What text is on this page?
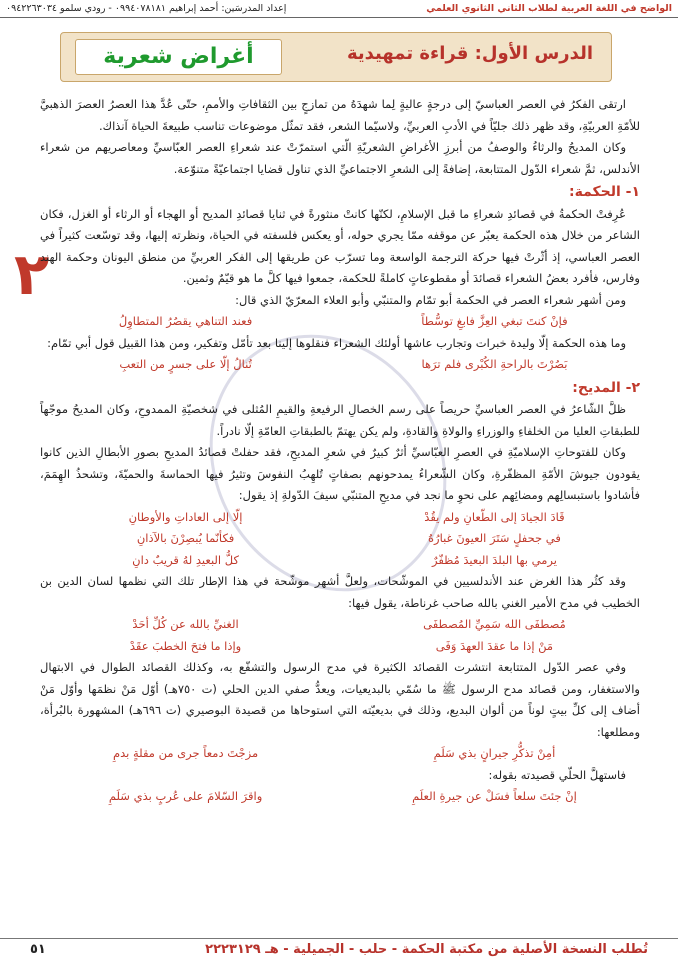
الواضح في اللغة العربية لطلاب الثاني الثانوي العلمي
إعداد المدرسَين: أحمد إبراهيم ٠٩٩٤٠٧٨١٨١ - رودي سلمو ٠٩٤٢٢٦٣٠٣٤
الدرس الأول: قراءة تمهيدية
أغراض شعرية
٢

ارتقى الفكرُ في العصر العباسيّ إلى درجةٍ عاليةٍ لِما شهدَهُ من تمازجٍ بين الثقافاتِ والأممِ، حتّى عُدَّ هذا العصرُ العصرَ الذهبيَّ للأمّةِ العربيّةِ، وقد ظهر ذلك جليّاً في الأدبِ العربيِّ، ولاسيّما الشعر، فقد تمثّل موضوعات تناسب طبيعةَ الحياة آنذاك.

وكان المديحُ والرثاءُ والوصفُ من أبرزِ الأغراضِ الشعريّةِ الّتي استمرّتْ عند شعراءِ العصر العبّاسيِّ ومعاصريهم من شعراء الأندلس، ثمَّ شعراء الدّول المتتابعة، إضافةً إلى الشعرِ الاجتماعيِّ الذي تناول قضايا اجتماعيّةً متنوّعة.

١- الحكمة:

عُرِفتْ الحكمةُ في قصائدِ شعراءِ ما قبل الإسلامِ، لكنّها كانتْ منثورةً في ثنايا قصائدِ المديح أو الهجاء أو الرثاء أو الغزل، فكان الشاعر من خلال هذه الحكمة يعبّر عن موقفه ممّا يجري حوله، أو يعكس فلسفته في الحياة، ونظرته إليها، وقد توسّعت كثيراً في العصر العباسي، إذ أثّرتْ فيها حركة الترجمة الواسعة وما تسرّب عن طريقها إلى الفكر العربيِّ من منطق اليونان وحكمة الهند وفارس، فأفرد بعضُ الشعراء قصائدَ أو مقطوعاتٍ كاملةً للحكمة، جمعوا فيها كلَّ ما هو قيّمٌ وثمين.

ومن أشهر شعراء العصر في الحكمة أبو تمّام والمتنبّي وأبو العلاء المعرّيّ الذي قال:

فإنْ كنتَ تبغي العِزَّ فابغِ توسُّطاً
فعند التناهي يقصُرُ المتطاوِلُ

وما هذه الحكمة إلّا وليدة خبرات وتجارب عاشها أولئك الشعراء فنقلوها إلينا بعد تأمّل وتفكير، ومن هذا القبيل قول أبي تمّام:

بَصُرْتَ بالراحةِ الكُبْرى فلم ترَها
تُنالُ إلّا على جسرٍ من التعبِ
٢- المديح:

ظلَّ الشّاعرُ في العصر العباسيِّ حريصاً على رسم الخصالِ الرفيعةِ والقيمِ المُثلى في شخصيّةِ الممدوحِ، وكان المديحُ موجّهاً للطبقاتِ العليا من الخلفاءِ والوزراءِ والولاةِ والقادةِ، ولم يكن يهتمّ بالطبقاتِ العامّةِ إلّا نادراً.

وكان للفتوحاتِ الإسلاميّةِ في العصرِ العبّاسيِّ أثرٌ كبيرٌ في شعرِ المديحِ، فقد حفلتْ قصائدُ المديحِ بصورِ الأبطالِ الذين كانوا يقودون جيوشَ الأمّةِ المظفّرةِ، وكان الشّعراءُ يمدحونهم بصفاتٍ تُلهِبُ النفوسَ وتثيرُ فيها الحماسةَ والحميّةَ، وتشحذُ الهِمَمَ، فأشادوا باستبسالِهم ومضائِهم على نحوِ ما نجد في مديحِ المتنبّي سيفَ الدّولةِ إذ يقول:

قَادَ الجيادَ إلى الطّعانِ ولم يقُدْ
إلّا إلى العاداتِ والأوطانِ
في جحفلٍ سَتَرَ العيونَ غبارُهُ
فكأنّما يُبصِرْنَ بالآذانِ
يرمي بها البلدَ البعيدَ مُظفّرٌ
كلُّ البعيدِ لهُ قريبٌ دانِ

وقد كثُر هذا الغرض عند الأندلسيين في الموشّحات، ولعلَّ أشهر موشّحة في هذا الإطار تلك التي نظمها لسان الدين بن الخطيب في مدح الأمير الغني بالله صاحب غرناطة، يقول فيها:

مُصطفَى الله سَمِيِّ المُصطفَى
الغنيِّ بالله عن كُلِّ أحَدْ
مَنْ إذا ما عقدَ العهدَ وَفَى
وإذا ما فتحَ الخطبَ عقَدْ

وفي عصر الدّول المتتابعة انتشرت القصائد الكثيرة في مدح الرسول والتشفّع به، وكذلك القصائد الطوال في الابتهال والاستغفار، ومن قصائد مدح الرسول ﷺ ما سُمّي بالبديعيات، ويعدُّ صفي الدين الحلي (ت ٧٥٠هـ) أوّل مَنْ نظمَها وأوّل مَنْ أضاف إلى كلِّ بيتٍ لوناً من ألوان البديع، وذلك في بديعيّته التي استوحاها من قصيدة البوصيري (ت ٦٩٦هـ) المشهورة بالبُرأة، ومطلعها:

أمِنْ تذكُّرِ جيرانٍ بذي سَلَمِ
مزجْتَ دمعاً جرى من مقلةٍ بدمِ

فاستهلَّ الحلّي قصيدته بقوله:

إنْ جئتَ سلعاً فسَلْ عن جيرةِ العلَمِ
واقرَ السّلامَ على عُربٍ بذي سَلَمِ
تُطلب النسخة الأصلية من مكتبة الحكمة - حلب - الجميلية - هـ ٢٢٢٣١٢٩
٥١
